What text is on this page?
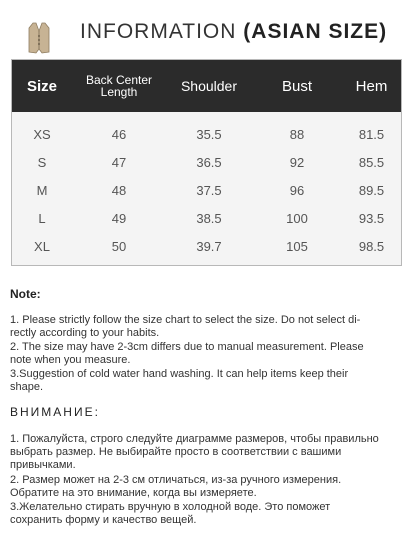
INFORMATION (ASIAN SIZE)
Size	Back Center Length	Shoulder	Bust	Hem
XS	46	35.5	88	81.5
S	47	36.5	92	85.5
M	48	37.5	96	89.5
L	49	38.5	100	93.5
XL	50	39.7	105	98.5
Note:
1. Please strictly follow the size chart to select the size. Do not select di-
rectly according to your habits.
2. The size may have 2-3cm differs due to manual measurement. Please
note when you measure.
3.Suggestion of cold water hand washing. It can help items keep their
shape.
ВНИМАНИЕ:
1. Пожалуйста, строго следуйте диаграмме размеров, чтобы правильно
выбрать размер. Не выбирайте просто в соответствии с вашими
привычками.
2. Размер может на 2-3 см отличаться, из-за ручного измерения.
Обратите на это внимание, когда вы измеряете.
3.Желательно стирать вручную в холодной воде. Это поможет
сохранить форму и качество вещей.
